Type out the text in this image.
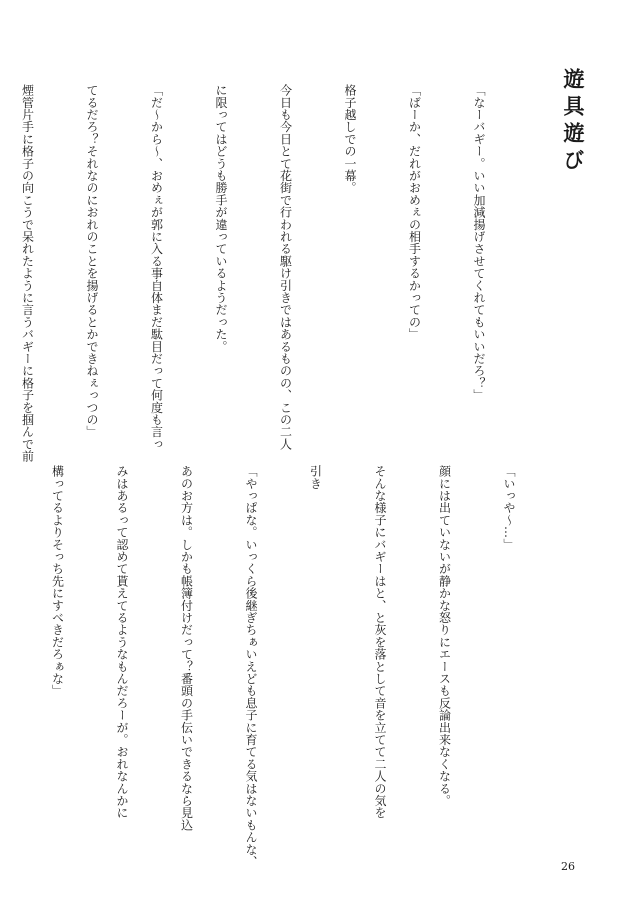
遊具遊び

「なーバギー。いい加減揚げさせてくれてもいいだろ？」

「ばーか、だれがおめぇの相手するかっての」

格子越しでの一幕。

今日も今日とて花街で行われる駆け引きではあるものの、この二人

に限ってはどうも勝手が違っているようだった。

「だ～から～、おめぇが郭に入る事自体まだ駄目だって何度も言っ

てるだろ？それなのにおれのことを揚げるとかできねぇっつの」

煙管片手に格子の向こうで呆れたように言うバギーに格子を掴んで前

「いっや～…」

顔には出ていないが静かな怒りにエースも反論出来なくなる。

そんな様子にバギーはと、と灰を落として音を立てて二人の気を

引き

「やっぱな。いっくら後継ぎちぁいえども息子に育てる気はないもんな、

あのお方は。しかも帳簿付けだって？番頭の手伝いできるなら見込

みはあるって認めて貰えてるようなもんだろーが。おれなんかに

構ってるよりそっち先にすべきだろぁな」

26
